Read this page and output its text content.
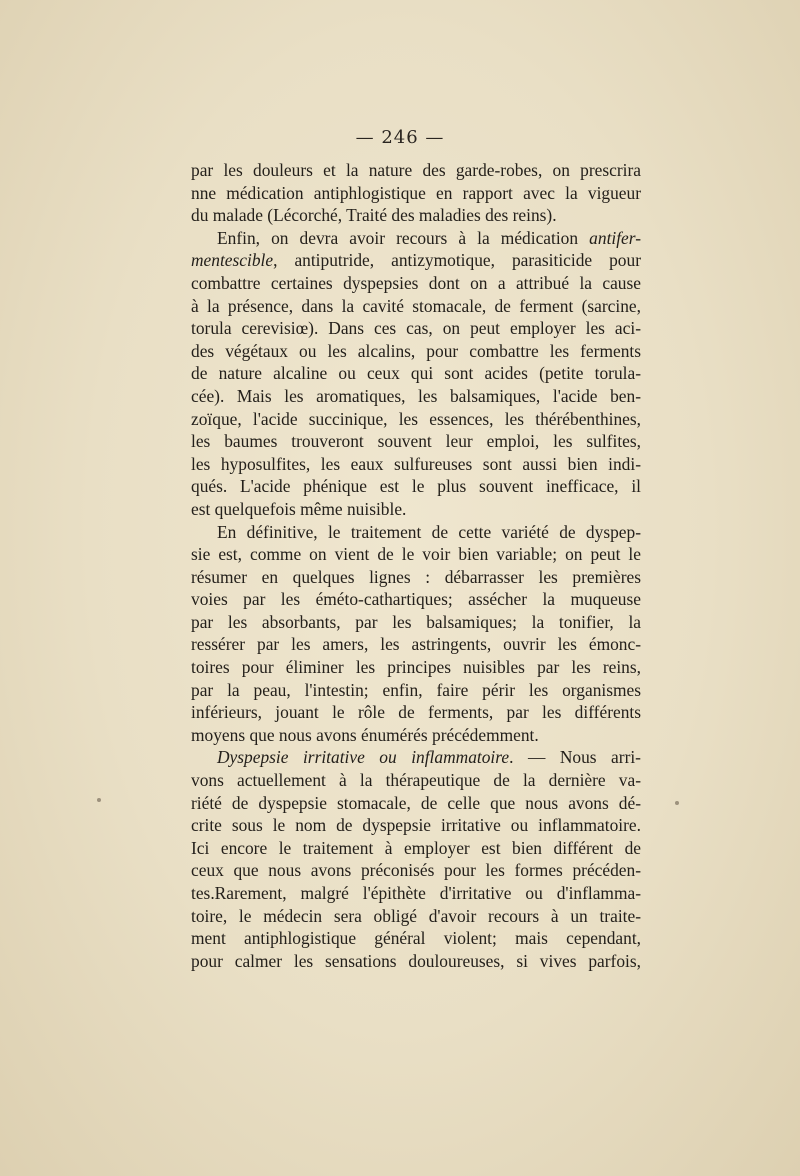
— 246 —
par les douleurs et la nature des garde-robes, on prescrira
nne médication antiphlogistique en rapport avec la vigueur
du malade (Lécorché, Traité des maladies des reins).
Enfin, on devra avoir recours à la médication antifer-
mentescible, antiputride, antizymotique, parasiticide pour
combattre certaines dyspepsies dont on a attribué la cause
à la présence, dans la cavité stomacale, de ferment (sarcine,
torula cerevisiœ). Dans ces cas, on peut employer les aci-
des végétaux ou les alcalins, pour combattre les ferments
de nature alcaline ou ceux qui sont acides (petite torula-
cée). Mais les aromatiques, les balsamiques, l'acide ben-
zoïque, l'acide succinique, les essences, les thérébenthines,
les baumes trouveront souvent leur emploi, les sulfites,
les hyposulfites, les eaux sulfureuses sont aussi bien indi-
qués. L'acide phénique est le plus souvent inefficace, il
est quelquefois même nuisible.
En définitive, le traitement de cette variété de dyspep-
sie est, comme on vient de le voir bien variable; on peut le
résumer en quelques lignes : débarrasser les premières
voies par les éméto-cathartiques; assécher la muqueuse
par les absorbants, par les balsamiques; la tonifier, la
ressérer par les amers, les astringents, ouvrir les émonc-
toires pour éliminer les principes nuisibles par les reins,
par la peau, l'intestin; enfin, faire périr les organismes
inférieurs, jouant le rôle de ferments, par les différents
moyens que nous avons énumérés précédemment.
Dyspepsie irritative ou inflammatoire. — Nous arri-
vons actuellement à la thérapeutique de la dernière va-
riété de dyspepsie stomacale, de celle que nous avons dé-
crite sous le nom de dyspepsie irritative ou inflammatoire.
Ici encore le traitement à employer est bien différent de
ceux que nous avons préconisés pour les formes précéden-
tes.Rarement, malgré l'épithète d'irritative ou d'inflamma-
toire, le médecin sera obligé d'avoir recours à un traite-
ment antiphlogistique général violent; mais cependant,
pour calmer les sensations douloureuses, si vives parfois,
